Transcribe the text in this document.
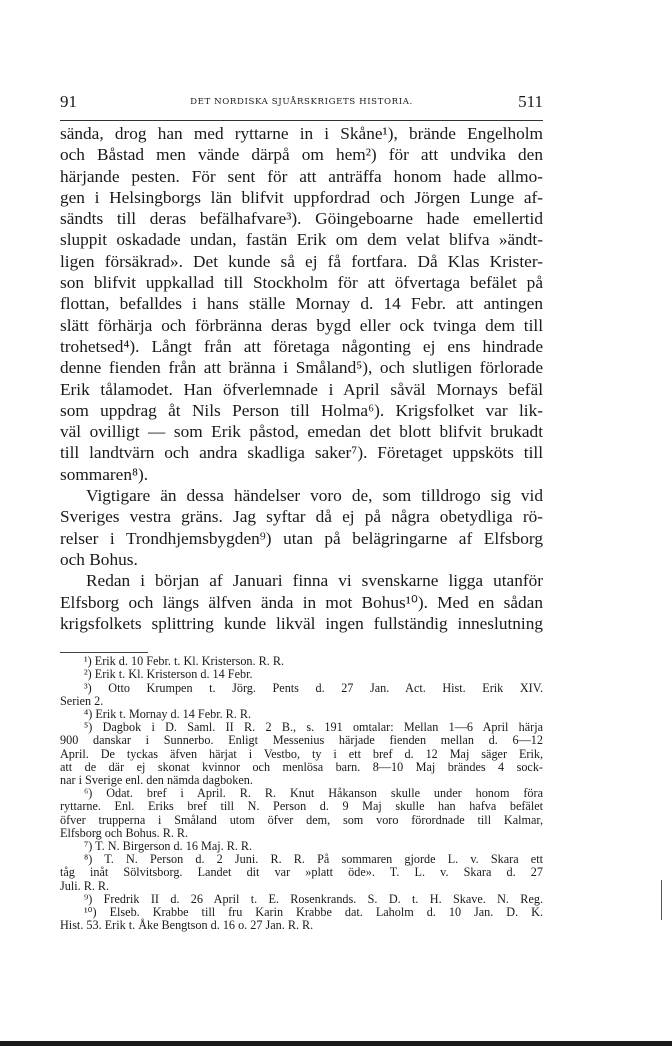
91	DET NORDISKA SJUÅRSKRIGETS HISTORIA.	511
sända, drog han med ryttarne in i Skåne¹), brände Engelholm
och Båstad men vände därpå om hem²) för att undvika den
härjande pesten. För sent för att anträffa honom hade allmo-
gen i Helsingborgs län blifvit uppfordrad och Jörgen Lunge af-
sändts till deras befälhafvare³). Göingeboarne hade emellertid
sluppit oskadade undan, fastän Erik om dem velat blifva »ändt-
ligen försäkrad». Det kunde så ej få fortfara. Då Klas Krister-
son blifvit uppkallad till Stockholm för att öfvertaga befälet på
flottan, befalldes i hans ställe Mornay d. 14 Febr. att antingen
slätt förhärja och förbränna deras bygd eller ock tvinga dem till
trohetsed⁴). Långt från att företaga någonting ej ens hindrade
denne fienden från att bränna i Småland⁵), och slutligen förlorade
Erik tålamodet. Han öfverlemnade i April såväl Mornays befäl
som uppdrag åt Nils Person till Holma⁶). Krigsfolket var lik-
väl ovilligt — som Erik påstod, emedan det blott blifvit brukadt
till landtvärn och andra skadliga saker⁷). Företaget uppsköts till
sommaren⁸).
Vigtigare än dessa händelser voro de, som tilldrogo sig vid
Sveriges vestra gräns. Jag syftar då ej på några obetydliga rö-
relser i Trondhjemsbygden⁹) utan på belägringarne af Elfsborg
och Bohus.
Redan i början af Januari finna vi svenskarne ligga utanför
Elfsborg och längs älfven ända in mot Bohus¹⁰). Med en sådan
krigsfolkets splittring kunde likväl ingen fullständig inneslutning
¹) Erik d. 10 Febr. t. Kl. Kristerson. R. R.
²) Erik t. Kl. Kristerson d. 14 Febr.
³) Otto Krumpen t. Jörg. Pents d. 27 Jan. Act. Hist. Erik XIV.
Serien 2.
⁴) Erik t. Mornay d. 14 Febr. R. R.
⁵) Dagbok i D. Saml. II R. 2 B., s. 191 omtalar: Mellan 1—6 April härja
900 danskar i Sunnerbo. Enligt Messenius härjade fienden mellan d. 6—12
April. De tyckas äfven härjat i Vestbo, ty i ett bref d. 12 Maj säger Erik,
att de där ej skonat kvinnor och menlösa barn. 8—10 Maj brändes 4 sock-
nar i Sverige enl. den nämda dagboken.
⁶) Odat. bref i April. R. R. Knut Håkanson skulle under honom föra
ryttarne. Enl. Eriks bref till N. Person d. 9 Maj skulle han hafva befälet
öfver trupperna i Småland utom öfver dem, som voro förordnade till Kalmar,
Elfsborg och Bohus. R. R.
⁷) T. N. Birgerson d. 16 Maj. R. R.
⁸) T. N. Person d. 2 Juni. R. R. På sommaren gjorde L. v. Skara ett
tåg inåt Sölvitsborg. Landet dit var »platt öde». T. L. v. Skara d. 27
Juli. R. R.
⁹) Fredrik II d. 26 April t. E. Rosenkrands. S. D. t. H. Skave. N. Reg.
¹⁰) Elseb. Krabbe till fru Karin Krabbe dat. Laholm d. 10 Jan. D. K.
Hist. 53. Erik t. Åke Bengtson d. 16 o. 27 Jan. R. R.
